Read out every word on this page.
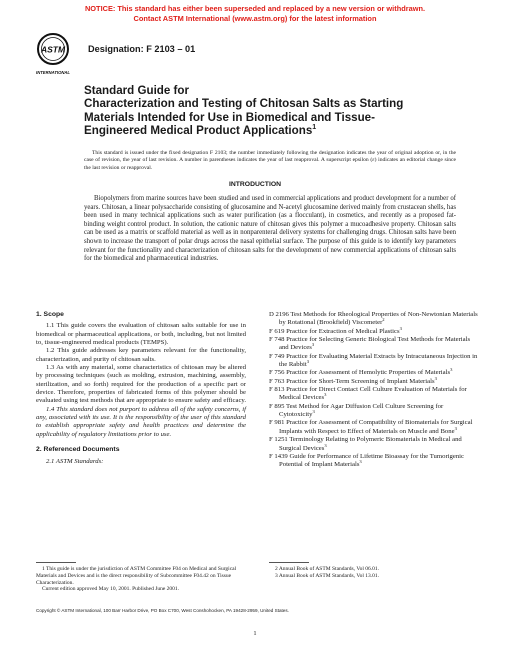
NOTICE: This standard has either been superseded and replaced by a new version or withdrawn.
Contact ASTM International (www.astm.org) for the latest information
ASTM
INTERNATIONAL
Designation: F 2103 – 01
Standard Guide for
Characterization and Testing of Chitosan Salts as Starting
Materials Intended for Use in Biomedical and Tissue-
Engineered Medical Product Applications$^1$
This standard is issued under the fixed designation F 2103; the number immediately following the designation indicates the year of original adoption or, in the case of revision, the year of last revision. A number in parentheses indicates the year of last reapproval. A superscript epsilon (ε) indicates an editorial change since the last revision or reapproval.
INTRODUCTION
Biopolymers from marine sources have been studied and used in commercial applications and product development for a number of years. Chitosan, a linear polysaccharide consisting of glucosamine and N-acetyl glucosamine derived mainly from crustacean shells, has been used in many technical applications such as water purification (as a flocculant), in cosmetics, and recently as a proposed fat-binding weight control product. In solution, the cationic nature of chitosan gives this polymer a mucoadhesive property. Chitosan salts can be used as a matrix or scaffold material as well as in nonparenteral delivery systems for challenging drugs. Chitosan salts have been shown to increase the transport of polar drugs across the nasal epithelial surface. The purpose of this guide is to identify key parameters relevant for the functionality and characterization of chitosan salts for the development of new commercial applications of chitosan salts for the biomedical and pharmaceutical industries.
1. Scope
1.1 This guide covers the evaluation of chitosan salts suitable for use in biomedical or pharmaceutical applications, or both, including, but not limited to, tissue-engineered medical products (TEMPS).
1.2 This guide addresses key parameters relevant for the functionality, characterization, and purity of chitosan salts.
1.3 As with any material, some characteristics of chitosan may be altered by processing techniques (such as molding, extrusion, machining, assembly, sterilization, and so forth) required for the production of a specific part or device. Therefore, properties of fabricated forms of this polymer should be evaluated using test methods that are appropriate to ensure safety and efficacy.
1.4 This standard does not purport to address all of the safety concerns, if any, associated with its use. It is the responsibility of the user of this standard to establish appropriate safety and health practices and determine the applicability of regulatory limitations prior to use.
2. Referenced Documents
2.1 ASTM Standards:
D 2196 Test Methods for Rheological Properties of Non-Newtonian Materials by Rotational (Brookfield) Viscometer$^2$
F 619 Practice for Extraction of Medical Plastics$^3$
F 748 Practice for Selecting Generic Biological Test Methods for Materials and Devices$^3$
F 749 Practice for Evaluating Material Extracts by Intracutaneous Injection in the Rabbit$^3$
F 756 Practice for Assessment of Hemolytic Properties of Materials$^3$
F 763 Practice for Short-Term Screening of Implant Materials$^3$
F 813 Practice for Direct Contact Cell Culture Evaluation of Materials for Medical Devices$^3$
F 895 Test Method for Agar Diffusion Cell Culture Screening for Cytotoxicity$^3$
F 981 Practice for Assessment of Compatibility of Biomaterials for Surgical Implants with Respect to Effect of Materials on Muscle and Bone$^3$
F 1251 Terminology Relating to Polymeric Biomaterials in Medical and Surgical Devices$^3$
F 1439 Guide for Performance of Lifetime Bioassay for the Tumorigenic Potential of Implant Materials$^3$
1 This guide is under the jurisdiction of ASTM Committee F04 on Medical and Surgical Materials and Devices and is the direct responsibility of Subcommittee F04.42 on Tissue Characterization.
Current edition approved May 10, 2001. Published June 2001.
2 Annual Book of ASTM Standards, Vol 06.01.
3 Annual Book of ASTM Standards, Vol 13.01.
Copyright © ASTM International, 100 Barr Harbor Drive, PO Box C700, West Conshohocken, PA 19428-2959, United States.
1
